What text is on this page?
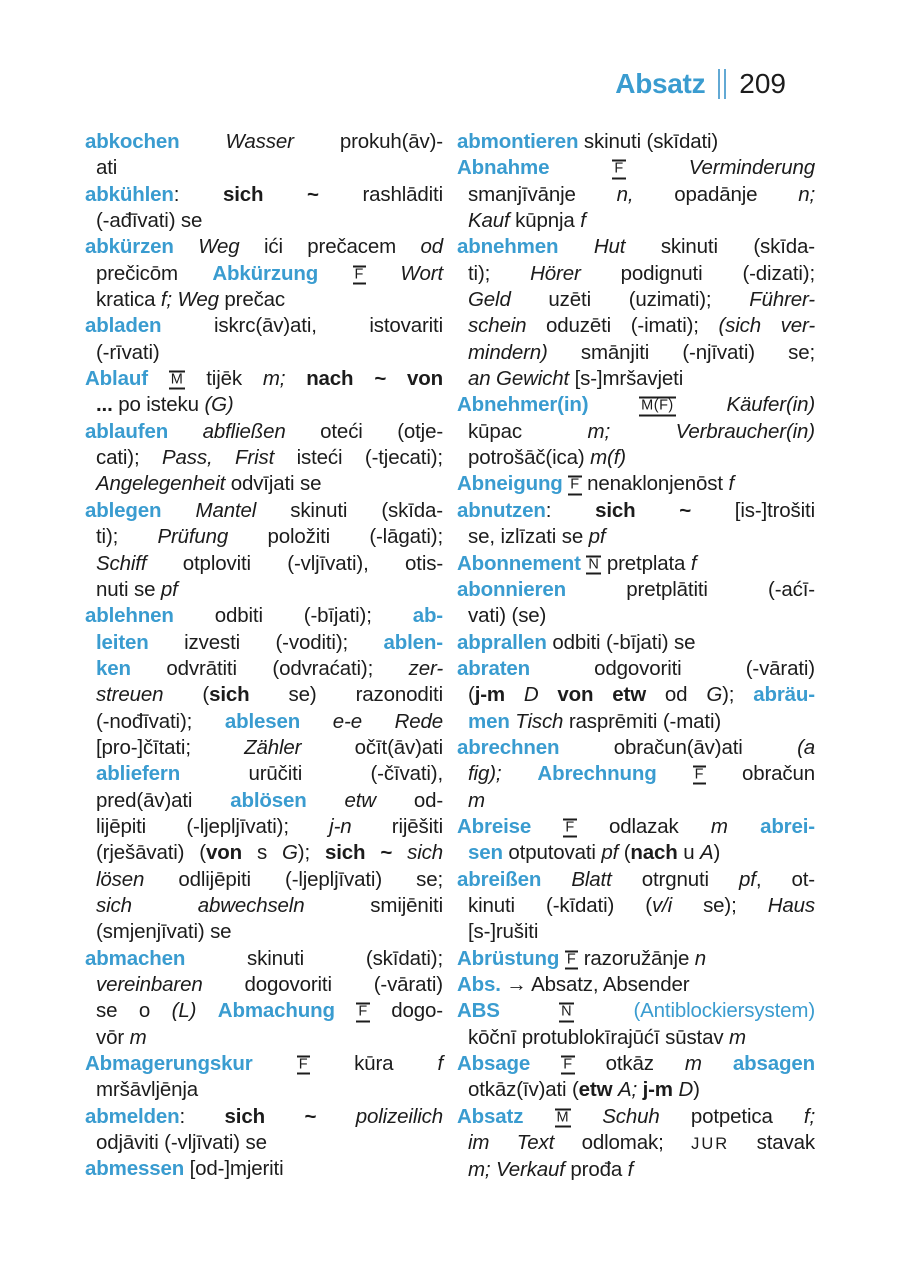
Absatz 209
abkochen Wasser prokuh(āv)-
ati
abkühlen: sich ~ rashlāditi
(-ađīvati) se
abkürzen Weg ići prečacem od
prečicōm Abkürzung F Wort
kratica f; Weg prečac
abladen iskrc(āv)ati, istovariti
(-rīvati)
Ablauf M tijēk m; nach ~ von
... po isteku (G)
ablaufen abfließen oteći (otje-
cati); Pass, Frist isteći (-tjecati);
Angelegenheit odvījati se
ablegen Mantel skinuti (skīda-
ti); Prüfung položiti (-lāgati);
Schiff otploviti (-vljīvati), otis-
nuti se pf
ablehnen odbiti (-bījati); ab-
leiten izvesti (-voditi); ablen-
ken odvrātiti (odvraćati); zer-
streuen (sich se) razonoditi
(-nođīvati); ablesen e-e Rede
[pro-]čītati; Zähler očīt(āv)ati
abliefern urūčiti (-čīvati),
pred(āv)ati ablösen etw od-
lijēpiti (-ljepljīvati); j-n rijēšiti
(rješāvati) (von s G); sich ~ sich
lösen odlijēpiti (-ljepljīvati) se;
sich abwechseln smijēniti
(smjenjīvati) se
abmachen skinuti (skīdati);
vereinbaren dogovoriti (-vārati)
se o (L) Abmachung F dogo-
vōr m
Abmagerungskur F kūra f
mršāvljēnja
abmelden: sich ~ polizeilich
odjāviti (-vljīvati) se
abmessen [od-]mjeriti
abmontieren skinuti (skīdati)
Abnahme F Verminderung
smanjīvānje n, opadānje n;
Kauf kūpnja f
abnehmen Hut skinuti (skīda-
ti); Hörer podignuti (-dizati);
Geld uzēti (uzimati); Führer-
schein oduzēti (-imati); (sich ver-
mindern) smānjiti (-njīvati) se;
an Gewicht [s-]mršavjeti
Abnehmer(in) M(F) Käufer(in)
kūpac m; Verbraucher(in)
potrošāč(ica) m(f)
Abneigung F nenaklonjenōst f
abnutzen: sich ~ [is-]trošiti
se, izlīzati se pf
Abonnement N pretplata f
abonnieren pretplātiti (-aćī-
vati) (se)
abprallen odbiti (-bījati) se
abraten odgovoriti (-vārati)
(j-m D von etw od G); abräu-
men Tisch rasprēmiti (-mati)
abrechnen obračun(āv)ati (a
fig); Abrechnung F obračun
m
Abreise F odlazak m abrei-
sen otputovati pf (nach u A)
abreißen Blatt otrgnuti pf, ot-
kinuti (-kīdati) (v/i se); Haus
[s-]rušiti
Abrüstung F razoružānje n
Abs. → Absatz, Absender
ABS N (Antiblockiersystem)
kōčnī protublokīrajūćī sūstav m
Absage F otkāz m absagen
otkāz(īv)ati (etw A; j-m D)
Absatz M Schuh potpetica f;
im Text odlomak; JUR stavak
m; Verkauf prođa f
